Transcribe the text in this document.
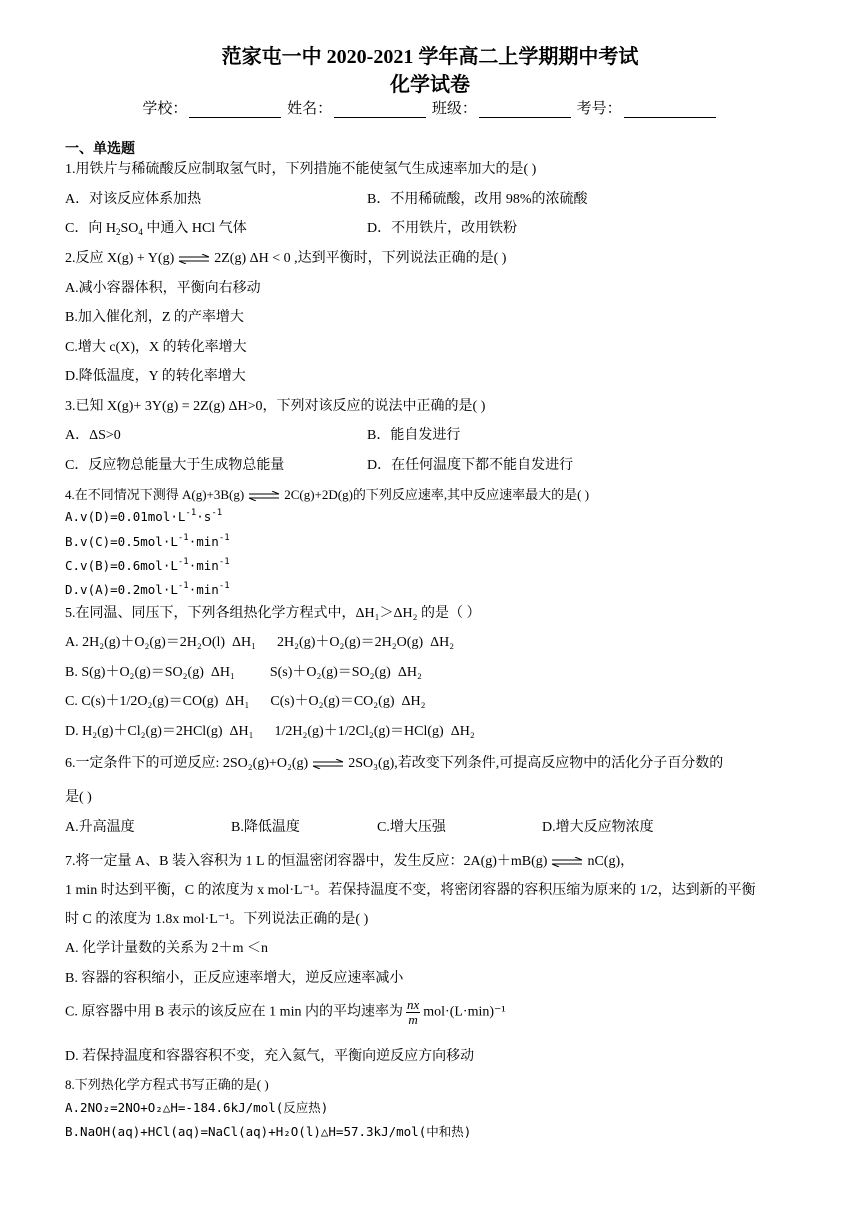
范家屯一中 2020-2021 学年高二上学期期中考试
化学试卷
学校：	姓名：	班级：	考号：
一、单选题
1.用铁片与稀硫酸反应制取氢气时，下列措施不能使氢气生成速率加大的是( )
A．对该反应体系加热	B．不用稀硫酸，改用 98%的浓硫酸
C．向 $H_2SO_4$ 中通入 HCl 气体	D．不用铁片，改用铁粉
2.反应 X(g) + Y(g) ⇌ 2Z(g) ΔH < 0 ,达到平衡时，下列说法正确的是( )
A.减小容器体积，平衡向右移动
B.加入催化剂，Z 的产率增大
C.增大 c(X)，X 的转化率增大
D.降低温度，Y 的转化率增大
3.已知 X(g)+ 3Y(g) = 2Z(g) ΔH>0，下列对该反应的说法中正确的是( )
A．ΔS>0	B．能自发进行
C．反应物总能量大于生成物总能量	D．在任何温度下都不能自发进行
4.在不同情况下测得 A(g)+3B(g) ⇌ 2C(g)+2D(g)的下列反应速率,其中反应速率最大的是( )
$A.v(D)=0.01mol\cdot L^{-1}\cdot s^{-1}$
$B.v(C)=0.5mol\cdot L^{-1}\cdot\min^{-1}$
$C.v(B)=0.6mol\cdot L^{-1}\cdot\min^{-1}$
$D.v(A)=0.2mol\cdot L^{-1}\cdot\min^{-1}$
5.在同温、同压下，下列各组热化学方程式中，ΔH₁＞ΔH₂ 的是（ ）
A. 2H₂(g)＋O₂(g)＝2H₂O(l)  ΔH₁      2H₂(g)＋O₂(g)＝2H₂O(g)  ΔH₂
B. S(g)＋O₂(g)＝SO₂(g)  ΔH₁          S(s)＋O₂(g)＝SO₂(g)  ΔH₂
C. C(s)＋1/2O₂(g)＝CO(g)  ΔH₁      C(s)＋O₂(g)＝CO₂(g)  ΔH₂
D. H₂(g)＋Cl₂(g)＝2HCl(g)  ΔH₁      1/2H₂(g)＋1/2Cl₂(g)＝HCl(g)  ΔH₂
6.一定条件下的可逆反应: 2SO₂(g)+O₂(g) ⇌ 2SO₃(g),若改变下列条件,可提高反应物中的活化分子百分数的
是( )
A.升高温度	B.降低温度	C.增大压强	D.增大反应物浓度
7.将一定量 A、B 装入容积为 1 L 的恒温密闭容器中，发生反应：2A(g)＋mB(g) ⇌ nC(g)，
1 min 时达到平衡，C 的浓度为 x mol·L⁻¹。若保持温度不变，将密闭容器的容积压缩为原来的 1/2，达到新的平衡
时 C 的浓度为 1.8x mol·L⁻¹。下列说法正确的是( )
A. 化学计量数的关系为 2＋m ＜n
B. 容器的容积缩小，正反应速率增大，逆反应速率减小
C. 原容器中用 B 表示的该反应在 1 min 内的平均速率为 $\frac{nx}{m} mol\cdot(L\cdot\min)^{-1}$
D. 若保持温度和容器容积不变，充入氦气，平衡向逆反应方向移动
8.下列热化学方程式书写正确的是( )
A.2NO₂=2NO+O₂△H=-184.6kJ/mol(反应热)
B.NaOH(aq)+HCl(aq)=NaCl(aq)+H₂O(l)△H=57.3kJ/mol(中和热)
